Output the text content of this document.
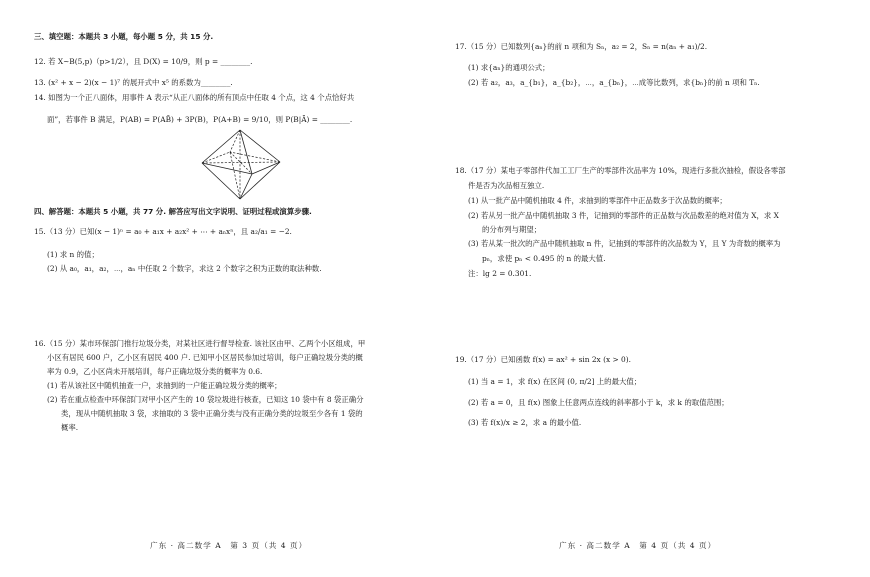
三、填空题：本题共 3 小题，每小题 5 分，共 15 分.
12. 若 X~B(5,p)（p>1/2），且 D(X) = 10/9，则 p = ________.
13. (x² + x − 2)(x − 1)⁷ 的展开式中 x⁵ 的系数为________.
14. 如图为一个正八面体，用事件 A 表示“从正八面体的所有顶点中任取 4 个点，这 4 个点恰好共
面”，若事件 B 满足，P(AB) = P(AB̄) + 3P(B)，P(A+B) = 9/10，则 P(B|Ā) = ________.
四、解答题：本题共 5 小题，共 77 分. 解答应写出文字说明、证明过程或演算步骤.
15.（13 分）已知(x − 1)ⁿ = a₀ + a₁x + a₂x² + ⋯ + aₙxⁿ，且 a₂/a₁ = −2.
(1) 求 n 的值；
(2) 从 a₀，a₁，a₂，⋯，aₙ 中任取 2 个数字，求这 2 个数字之积为正数的取法种数.
16.（15 分）某市环保部门推行垃圾分类，对某社区进行督导检查. 该社区由甲、乙两个小区组成，甲
小区有居民 600 户，乙小区有居民 400 户. 已知甲小区居民参加过培训，每户正确垃圾分类的概
率为 0.9，乙小区尚未开展培训，每户正确垃圾分类的概率为 0.6.
(1) 若从该社区中随机抽查一户，求抽到的一户能正确垃圾分类的概率；
(2) 若在重点检查中环保部门对甲小区产生的 10 袋垃圾进行核查，已知这 10 袋中有 8 袋正确分
类，现从中随机抽取 3 袋，求抽取的 3 袋中正确分类与没有正确分类的垃圾至少各有 1 袋的
概率.
广东 · 高二数学 A　第 3 页（共 4 页）
17.（15 分）已知数列{aₙ}的前 n 项和为 Sₙ，a₂ = 2，Sₙ = n(aₙ + a₁)/2.
(1) 求{aₙ}的通项公式；
(2) 若 a₂，a₃，a_{b₁}，a_{b₂}，⋯，a_{bₙ}，⋯成等比数列，求{bₙ}的前 n 项和 Tₙ.
18.（17 分）某电子零部件代加工工厂生产的零部件次品率为 10%，现进行多批次抽检，假设各零部
件是否为次品相互独立.
(1) 从一批产品中随机抽取 4 件，求抽到的零部件中正品数多于次品数的概率；
(2) 若从另一批产品中随机抽取 3 件，记抽到的零部件的正品数与次品数差的绝对值为 X，求 X
的分布列与期望；
(3) 若从某一批次的产品中随机抽取 n 件，记抽到的零部件的次品数为 Y，且 Y 为奇数的概率为
pₙ，求使 pₙ < 0.495 的 n 的最大值.
注：lg 2 = 0.301.
19.（17 分）已知函数 f(x) = ax² + sin 2x (x > 0).
(1) 当 a = 1，求 f(x) 在区间 (0, π/2] 上的最大值；
(2) 若 a = 0，且 f(x) 图象上任意两点连线的斜率都小于 k，求 k 的取值范围；
(3) 若 f(x)/x ≥ 2，求 a 的最小值.
广东 · 高二数学 A　第 4 页（共 4 页）
